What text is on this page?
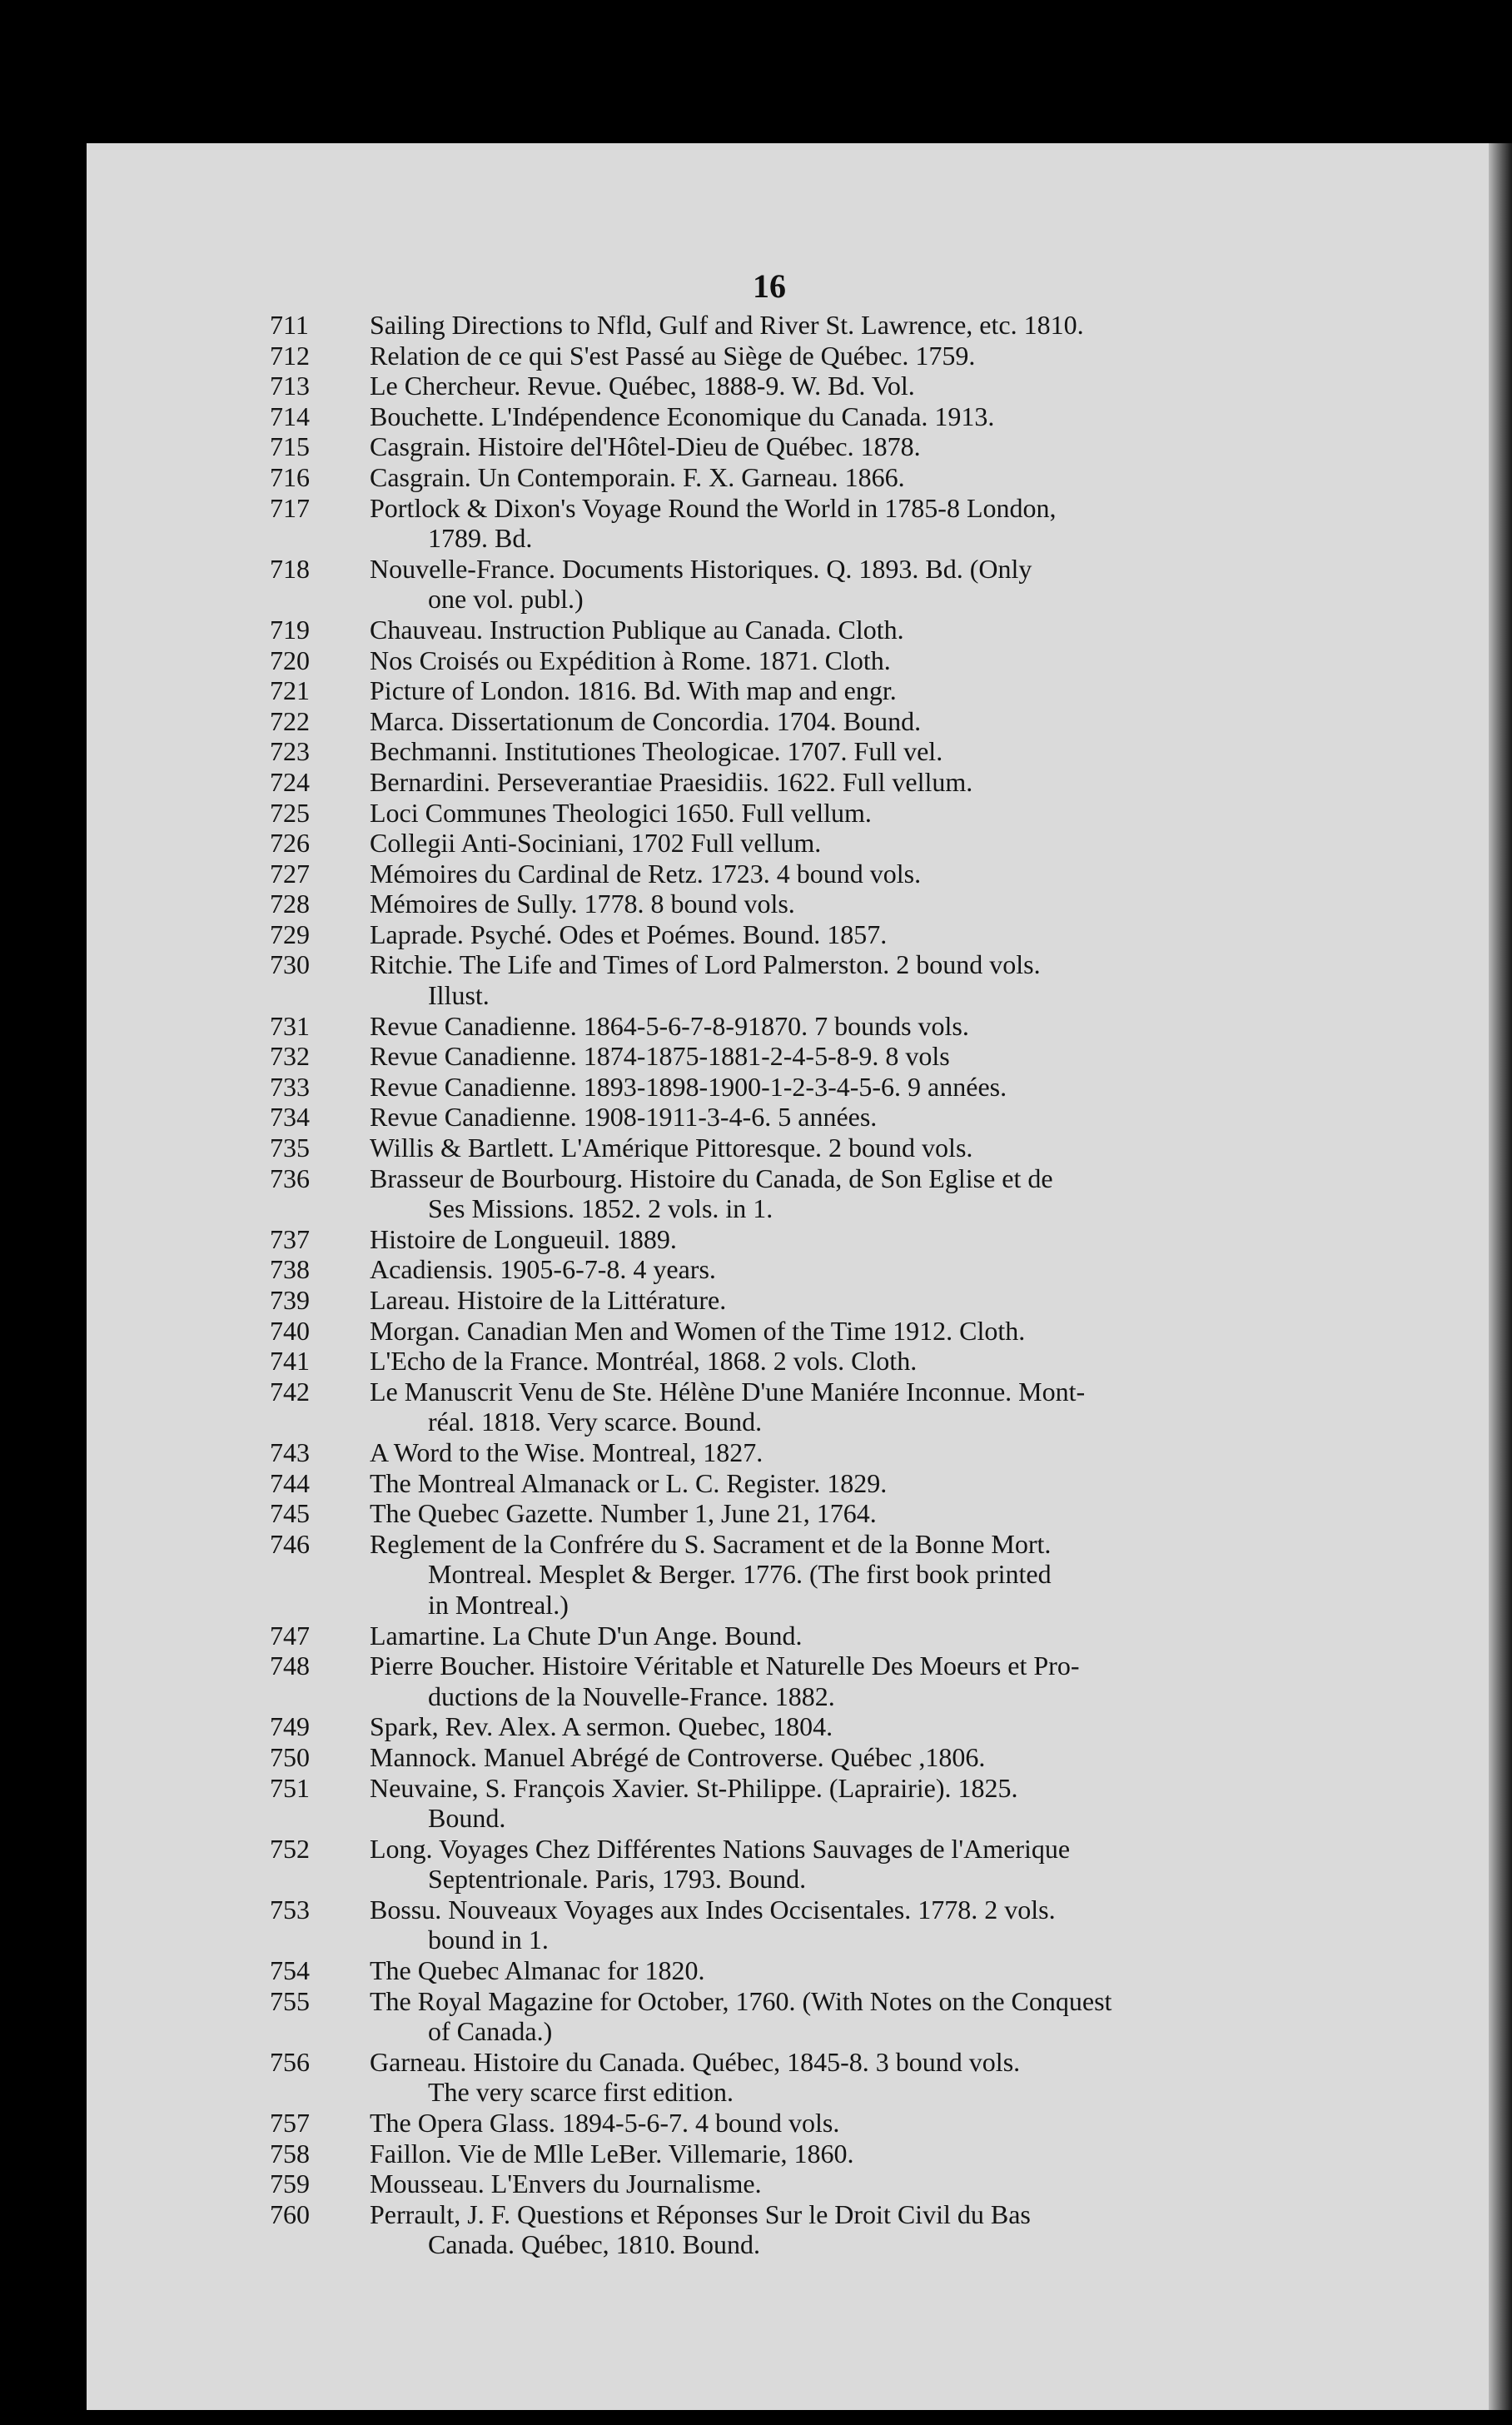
16
711	Sailing Directions to Nfld, Gulf and River St. Lawrence, etc. 1810.
712	Relation de ce qui S'est Passé au Siège de Québec. 1759.
713	Le Chercheur. Revue. Québec, 1888-9. W. Bd. Vol.
714	Bouchette. L'Indépendence Economique du Canada. 1913.
715	Casgrain. Histoire del'Hôtel-Dieu de Québec. 1878.
716	Casgrain. Un Contemporain. F. X. Garneau. 1866.
717	Portlock & Dixon's Voyage Round the World in 1785-8 London,
1789. Bd.
718	Nouvelle-France. Documents Historiques. Q. 1893. Bd. (Only
one vol. publ.)
719	Chauveau. Instruction Publique au Canada. Cloth.
720	Nos Croisés ou Expédition à Rome. 1871. Cloth.
721	Picture of London. 1816. Bd. With map and engr.
722	Marca. Dissertationum de Concordia. 1704. Bound.
723	Bechmanni. Institutiones Theologicae. 1707. Full vel.
724	Bernardini. Perseverantiae Praesidiis. 1622. Full vellum.
725	Loci Communes Theologici 1650. Full vellum.
726	Collegii Anti-Sociniani, 1702 Full vellum.
727	Mémoires du Cardinal de Retz. 1723. 4 bound vols.
728	Mémoires de Sully. 1778. 8 bound vols.
729	Laprade. Psyché. Odes et Poémes. Bound. 1857.
730	Ritchie. The Life and Times of Lord Palmerston. 2 bound vols.
Illust.
731	Revue Canadienne. 1864-5-6-7-8-91870. 7 bounds vols.
732	Revue Canadienne. 1874-1875-1881-2-4-5-8-9. 8 vols
733	Revue Canadienne. 1893-1898-1900-1-2-3-4-5-6. 9 années.
734	Revue Canadienne. 1908-1911-3-4-6. 5 années.
735	Willis & Bartlett. L'Amérique Pittoresque. 2 bound vols.
736	Brasseur de Bourbourg. Histoire du Canada, de Son Eglise et de
Ses Missions. 1852. 2 vols. in 1.
737	Histoire de Longueuil. 1889.
738	Acadiensis. 1905-6-7-8. 4 years.
739	Lareau. Histoire de la Littérature.
740	Morgan. Canadian Men and Women of the Time 1912. Cloth.
741	L'Echo de la France. Montréal, 1868. 2 vols. Cloth.
742	Le Manuscrit Venu de Ste. Hélène D'une Maniére Inconnue. Mont-
réal. 1818. Very scarce. Bound.
743	A Word to the Wise. Montreal, 1827.
744	The Montreal Almanack or L. C. Register. 1829.
745	The Quebec Gazette. Number 1, June 21, 1764.
746	Reglement de la Confrére du S. Sacrament et de la Bonne Mort.
Montreal. Mesplet & Berger. 1776. (The first book printed
in Montreal.)
747	Lamartine. La Chute D'un Ange. Bound.
748	Pierre Boucher. Histoire Véritable et Naturelle Des Moeurs et Pro-
ductions de la Nouvelle-France. 1882.
749	Spark, Rev. Alex. A sermon. Quebec, 1804.
750	Mannock. Manuel Abrégé de Controverse. Québec ,1806.
751	Neuvaine, S. François Xavier. St-Philippe. (Laprairie). 1825.
Bound.
752	Long. Voyages Chez Différentes Nations Sauvages de l'Amerique
Septentrionale. Paris, 1793. Bound.
753	Bossu. Nouveaux Voyages aux Indes Occisentales. 1778. 2 vols.
bound in 1.
754	The Quebec Almanac for 1820.
755	The Royal Magazine for October, 1760. (With Notes on the Conquest
of Canada.)
756	Garneau. Histoire du Canada. Québec, 1845-8. 3 bound vols.
The very scarce first edition.
757	The Opera Glass. 1894-5-6-7. 4 bound vols.
758	Faillon. Vie de Mlle LeBer. Villemarie, 1860.
759	Mousseau. L'Envers du Journalisme.
760	Perrault, J. F. Questions et Réponses Sur le Droit Civil du Bas
Canada. Québec, 1810. Bound.
